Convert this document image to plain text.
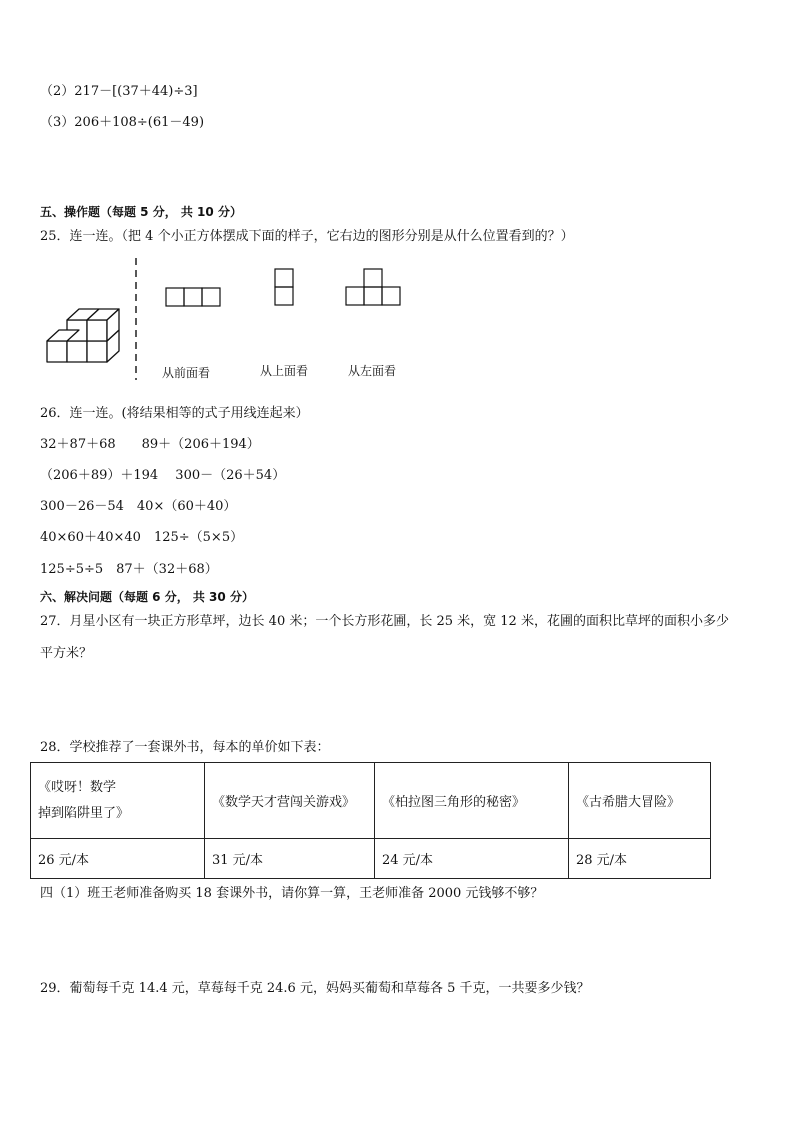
（2）217－[(37＋44)÷3]
（3）206＋108÷(61－49)
五、操作题（每题 5 分， 共 10 分）
25．连一连。（把 4 个小正方体摆成下面的样子，它右边的图形分别是从什么位置看到的？）
从前面看	从上面看	从左面看
26．连一连。(将结果相等的式子用线连起来）
32＋87＋68　　89＋（206＋194）
（206＋89）＋194　 300－（26＋54）
300－26－54　40×（60＋40）
40×60＋40×40　125÷（5×5）
125÷5÷5　87＋（32＋68）
六、解决问题（每题 6 分， 共 30 分）
27．月星小区有一块正方形草坪，边长 40 米；一个长方形花圃，长 25 米，宽 12 米，花圃的面积比草坪的面积小多少
平方米？
28．学校推荐了一套课外书，每本的单价如下表：
《哎呀！数学
掉到陷阱里了》	《数学天才营闯关游戏》	《柏拉图三角形的秘密》	《古希腊大冒险》
26 元/本	31 元/本	24 元/本	28 元/本
四（1）班王老师准备购买 18 套课外书，请你算一算，王老师准备 2000 元钱够不够？
29．葡萄每千克 14.4 元，草莓每千克 24.6 元，妈妈买葡萄和草莓各 5 千克，一共要多少钱？
